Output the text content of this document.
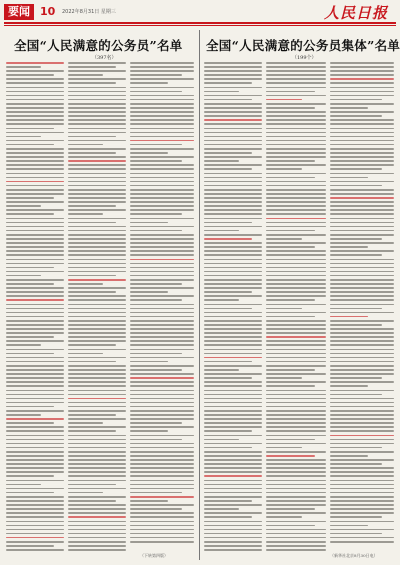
要闻 10 2022年8月31日 星期三	人民日报
全国“人民满意的公务员”名单
（397名）
全国“人民满意的公务员集体”名单
（199个）
（下转第四版）	（新华社北京8月30日电）
